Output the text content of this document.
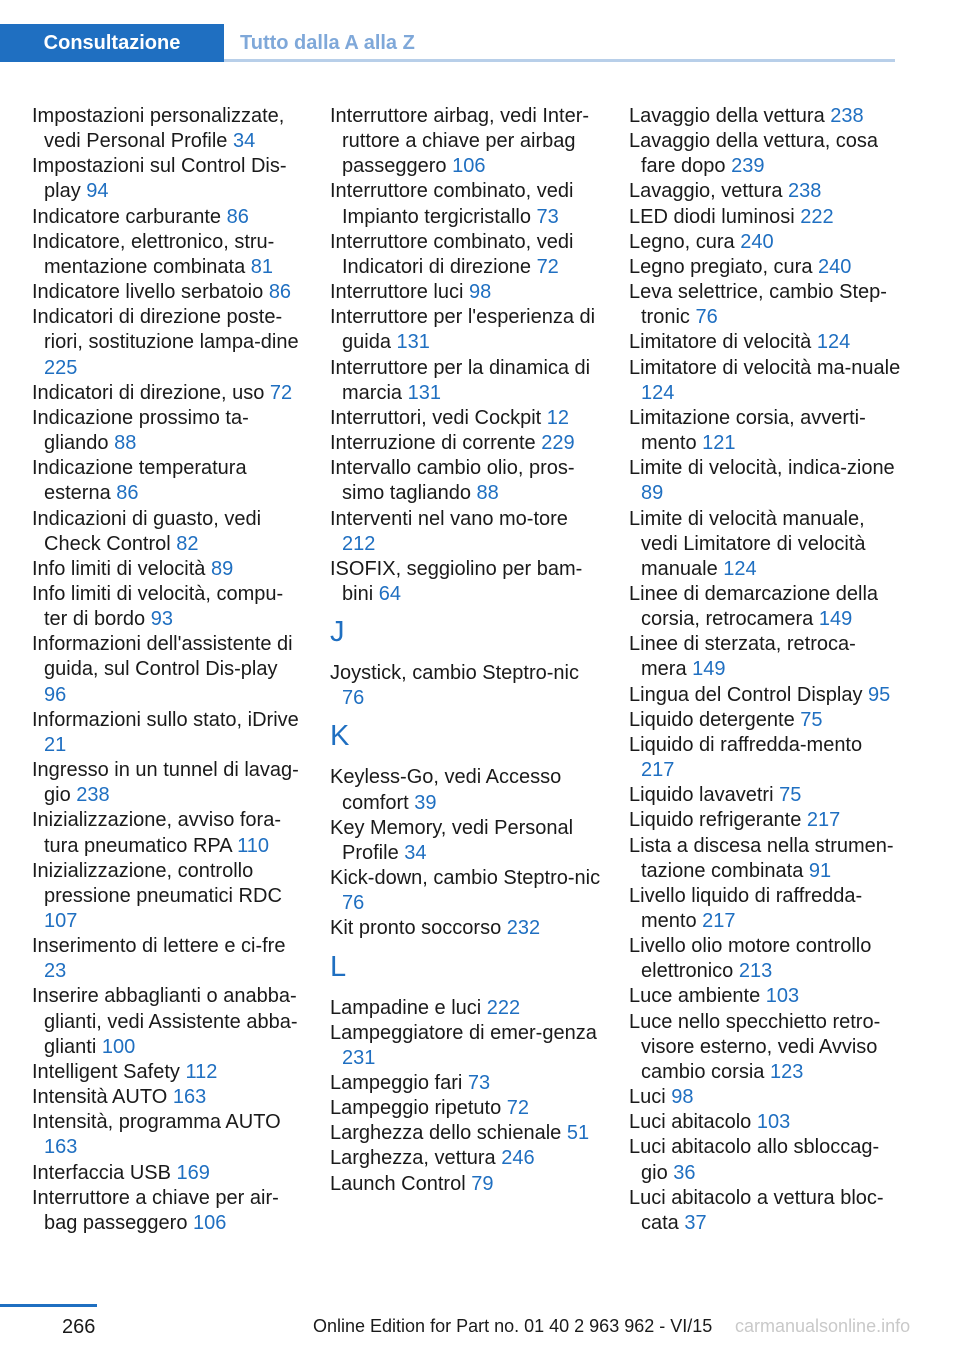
Consultazione	Tutto dalla A alla Z
Impostazioni personalizzate, vedi Personal Profile 34
Impostazioni sul Control Dis‐play 94
Indicatore carburante 86
Indicatore, elettronico, stru‐mentazione combinata 81
Indicatore livello serbatoio 86
Indicatori di direzione poste‐riori, sostituzione lampa‐dine 225
Indicatori di direzione, uso 72
Indicazione prossimo ta‐gliando 88
Indicazione temperatura esterna 86
Indicazioni di guasto, vedi Check Control 82
Info limiti di velocità 89
Info limiti di velocità, compu‐ter di bordo 93
Informazioni dell'assistente di guida, sul Control Dis‐play 96
Informazioni sullo stato, iDrive 21
Ingresso in un tunnel di lavag‐gio 238
Inizializzazione, avviso fora‐tura pneumatico RPA 110
Inizializzazione, controllo pressione pneumatici RDC 107
Inserimento di lettere e ci‐fre 23
Inserire abbaglianti o anabba‐glianti, vedi Assistente abba‐glianti 100
Intelligent Safety 112
Intensità AUTO 163
Intensità, programma AUTO 163
Interfaccia USB 169
Interruttore a chiave per air‐bag passeggero 106
Interruttore airbag, vedi Inter‐ruttore a chiave per airbag passeggero 106
Interruttore combinato, vedi Impianto tergicristallo 73
Interruttore combinato, vedi Indicatori di direzione 72
Interruttore luci 98
Interruttore per l'esperienza di guida 131
Interruttore per la dinamica di marcia 131
Interruttori, vedi Cockpit 12
Interruzione di corrente 229
Intervallo cambio olio, pros‐simo tagliando 88
Interventi nel vano mo‐tore 212
ISOFIX, seggiolino per bam‐bini 64
J
Joystick, cambio Steptro‐nic 76
K
Keyless-Go, vedi Accesso comfort 39
Key Memory, vedi Personal Profile 34
Kick-down, cambio Steptro‐nic 76
Kit pronto soccorso 232
L
Lampadine e luci 222
Lampeggiatore di emer‐genza 231
Lampeggio fari 73
Lampeggio ripetuto 72
Larghezza dello schienale 51
Larghezza, vettura 246
Launch Control 79
Lavaggio della vettura 238
Lavaggio della vettura, cosa fare dopo 239
Lavaggio, vettura 238
LED diodi luminosi 222
Legno, cura 240
Legno pregiato, cura 240
Leva selettrice, cambio Step‐tronic 76
Limitatore di velocità 124
Limitatore di velocità ma‐nuale 124
Limitazione corsia, avverti‐mento 121
Limite di velocità, indica‐zione 89
Limite di velocità manuale, vedi Limitatore di velocità manuale 124
Linee di demarcazione della corsia, retrocamera 149
Linee di sterzata, retroca‐mera 149
Lingua del Control Display 95
Liquido detergente 75
Liquido di raffredda‐mento 217
Liquido lavavetri 75
Liquido refrigerante 217
Lista a discesa nella strumen‐tazione combinata 91
Livello liquido di raffredda‐mento 217
Livello olio motore controllo elettronico 213
Luce ambiente 103
Luce nello specchietto retro‐visore esterno, vedi Avviso cambio corsia 123
Luci 98
Luci abitacolo 103
Luci abitacolo allo sbloccag‐gio 36
Luci abitacolo a vettura bloc‐cata 37
266	Online Edition for Part no. 01 40 2 963 962 - VI/15 carmanualsonline.info
